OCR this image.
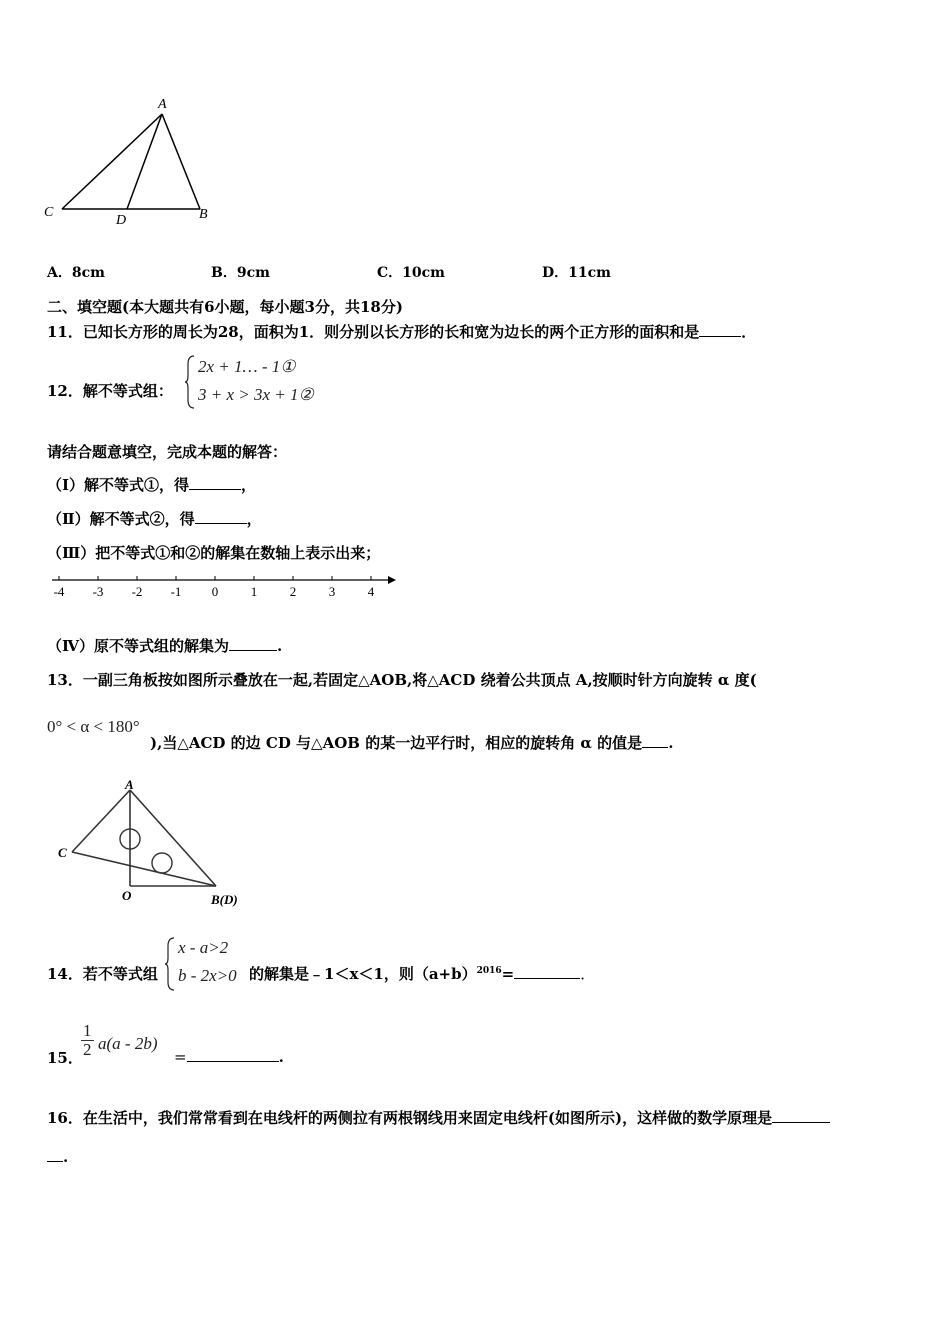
A
C
D	B
A．8cm	B．9cm	C．10cm	D．11cm
二、填空题(本大题共有6小题，每小题3分，共18分)
11．已知长方形的周长为28，面积为1．则分别以长方形的长和宽为边长的两个正方形的面积和是	．
12．解不等式组：
2x + 1… - 1①
3 + x > 3x + 1②
请结合题意填空，完成本题的解答：
（Ⅰ）解不等式①，得	，
（Ⅱ）解不等式②，得	，
（Ⅲ）把不等式①和②的解集在数轴上表示出来；
-4 -3 -2 -1 0	1	2	3	4
（Ⅳ）原不等式组的解集为	.
13．一副三角板按如图所示叠放在一起,若固定△AOB,将△ACD 绕着公共顶点 A,按顺时针方向旋转 α 度(
0° < α < 180°
),当△ACD 的边 CD 与△AOB 的某一边平行时，相应的旋转角 α 的值是 .
A
C
O	B(D)
14．若不等式组
x - a>2
b - 2x>0 的解集是﹣1＜x＜1，则$(a+b)^{2016}=$	．
15．
$\frac{1}{2} a(a - 2b)$
=	.
16．在生活中，我们常常看到在电线杆的两侧拉有两根钢线用来固定电线杆(如图所示)，这样做的数学原理是
.
